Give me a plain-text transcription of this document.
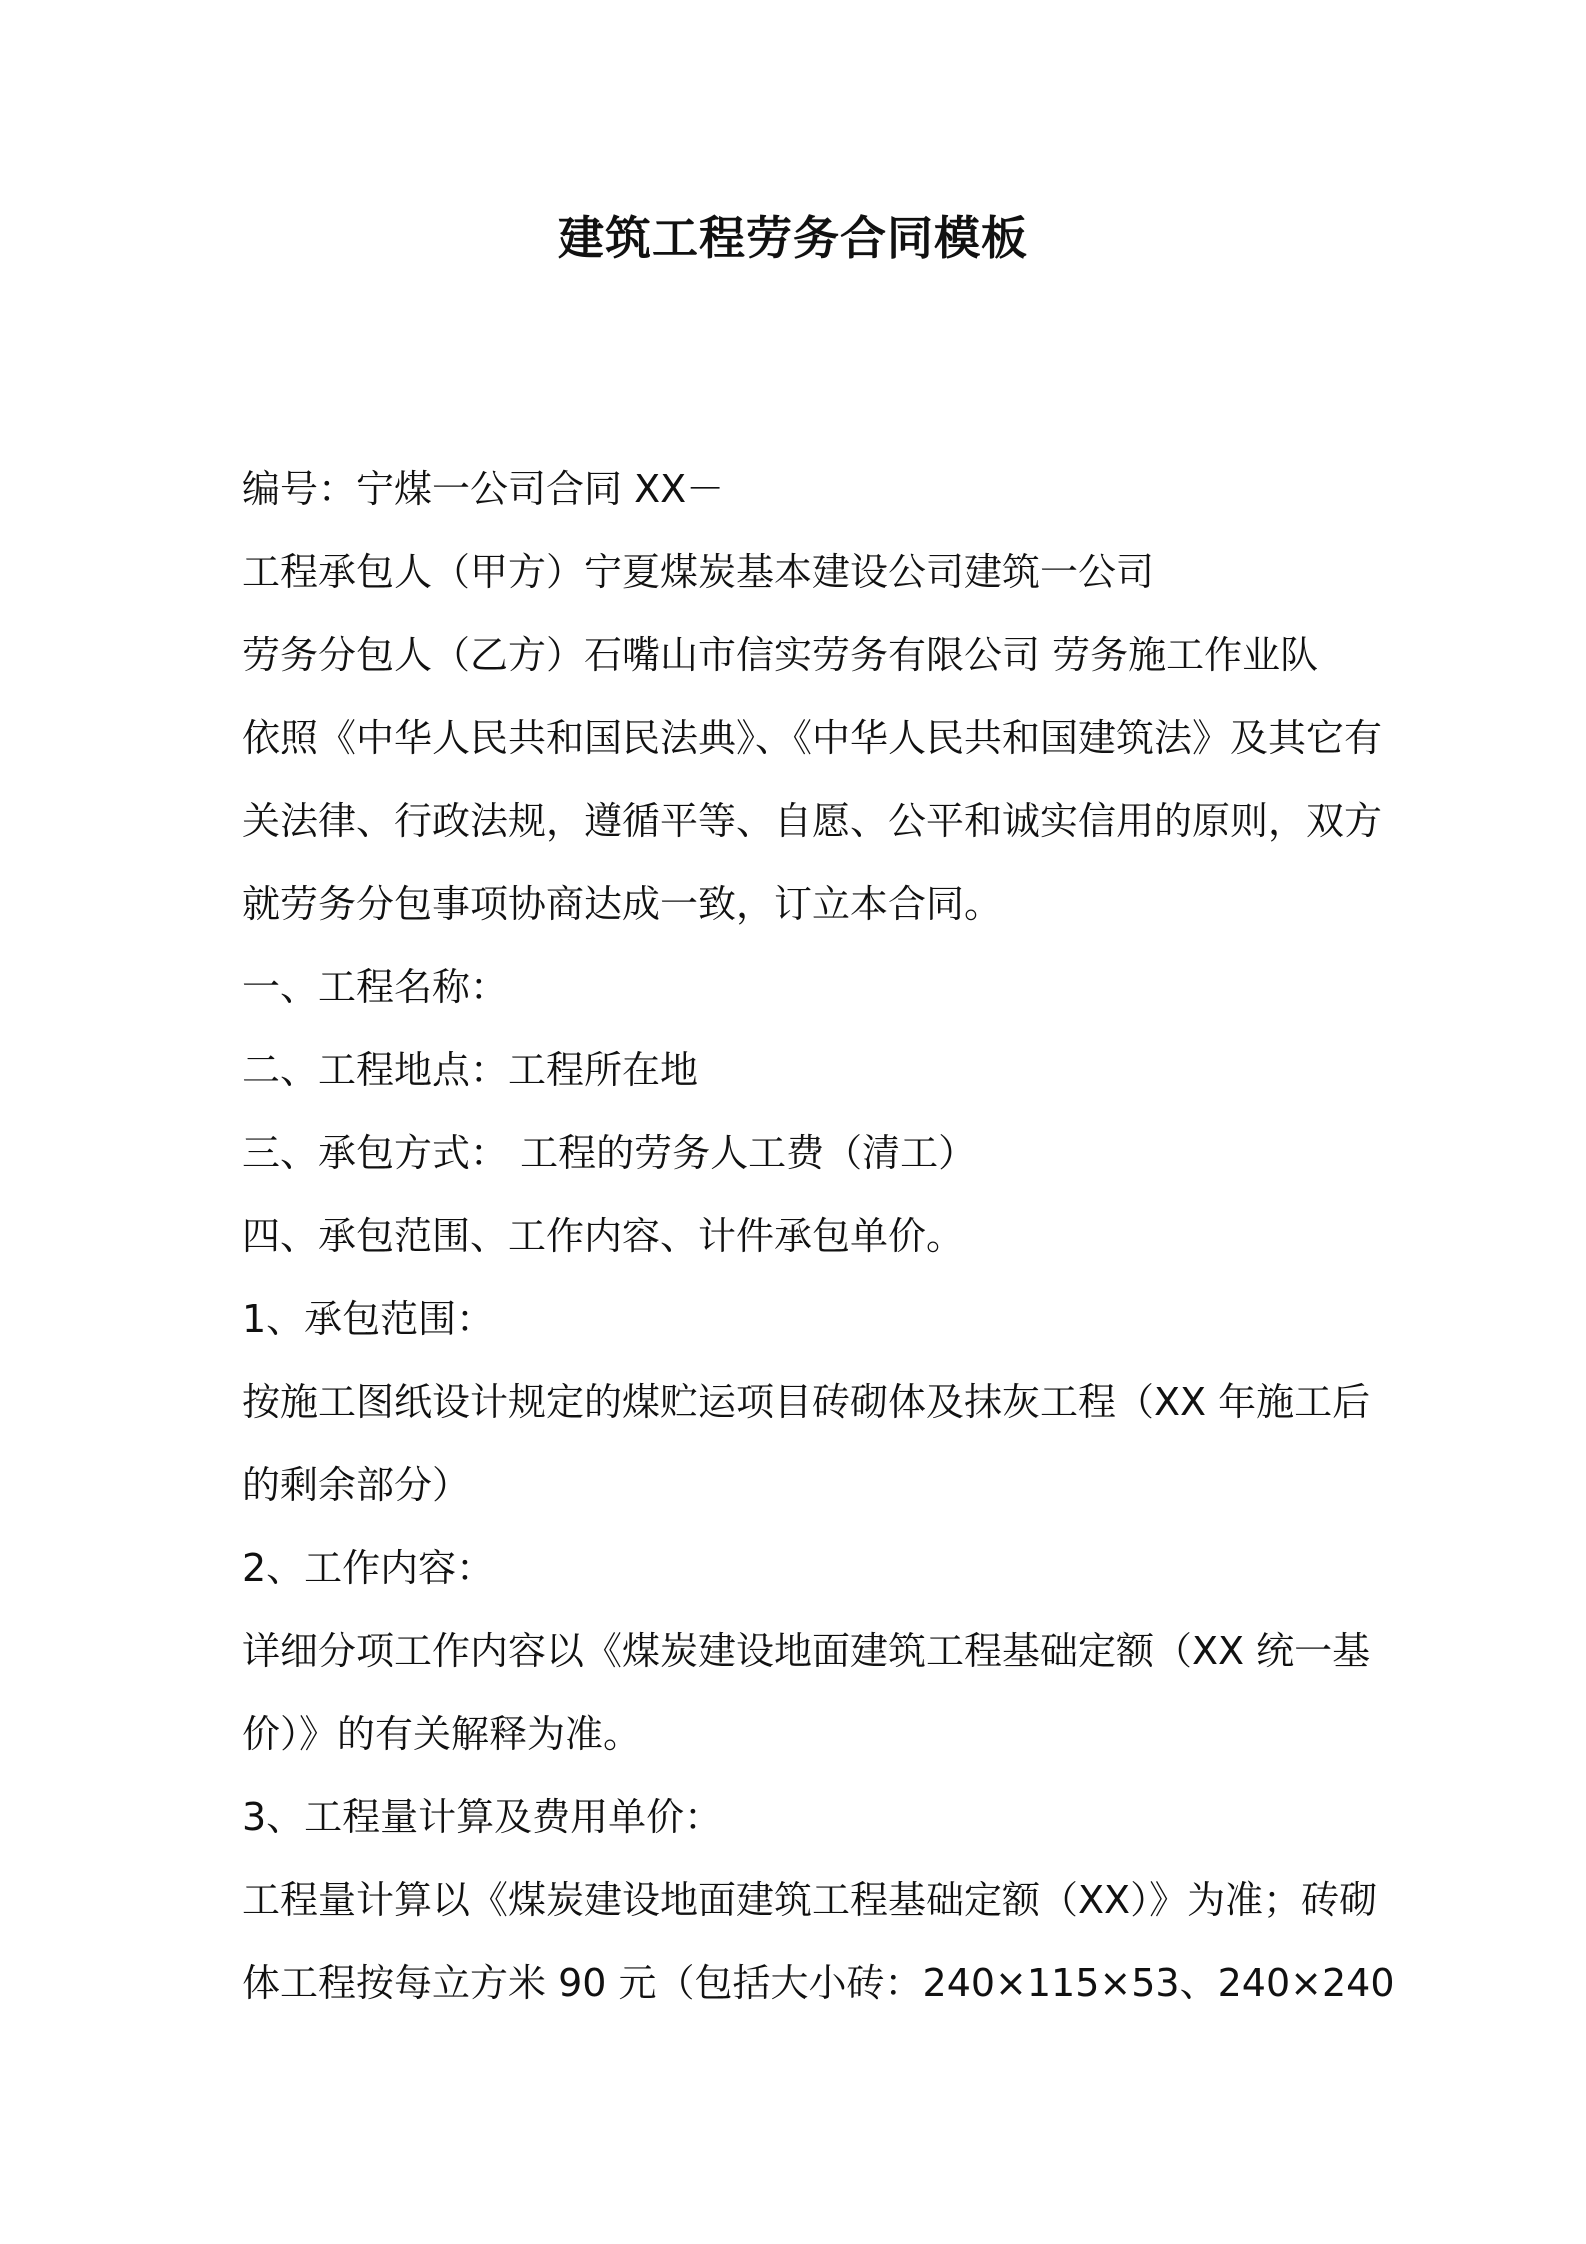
建筑工程劳务合同模板
编号：宁煤一公司合同 XX－
工程承包人（甲方）宁夏煤炭基本建设公司建筑一公司
劳务分包人（乙方）石嘴山市信实劳务有限公司 劳务施工作业队
依照《中华人民共和国民法典》、《中华人民共和国建筑法》及其它有
关法律、行政法规，遵循平等、自愿、公平和诚实信用的原则，双方
就劳务分包事项协商达成一致，订立本合同。
一、工程名称：
二、工程地点：工程所在地
三、承包方式： 工程的劳务人工费（清工）
四、承包范围、工作内容、计件承包单价。
1、承包范围：
按施工图纸设计规定的煤贮运项目砖砌体及抹灰工程（XX 年施工后
的剩余部分）
2、工作内容：
详细分项工作内容以《煤炭建设地面建筑工程基础定额（XX 统一基
价）》的有关解释为准。
3、工程量计算及费用单价：
工程量计算以《煤炭建设地面建筑工程基础定额（XX）》为准；砖砌
体工程按每立方米 90 元（包括大小砖：240×115×53、240×240
